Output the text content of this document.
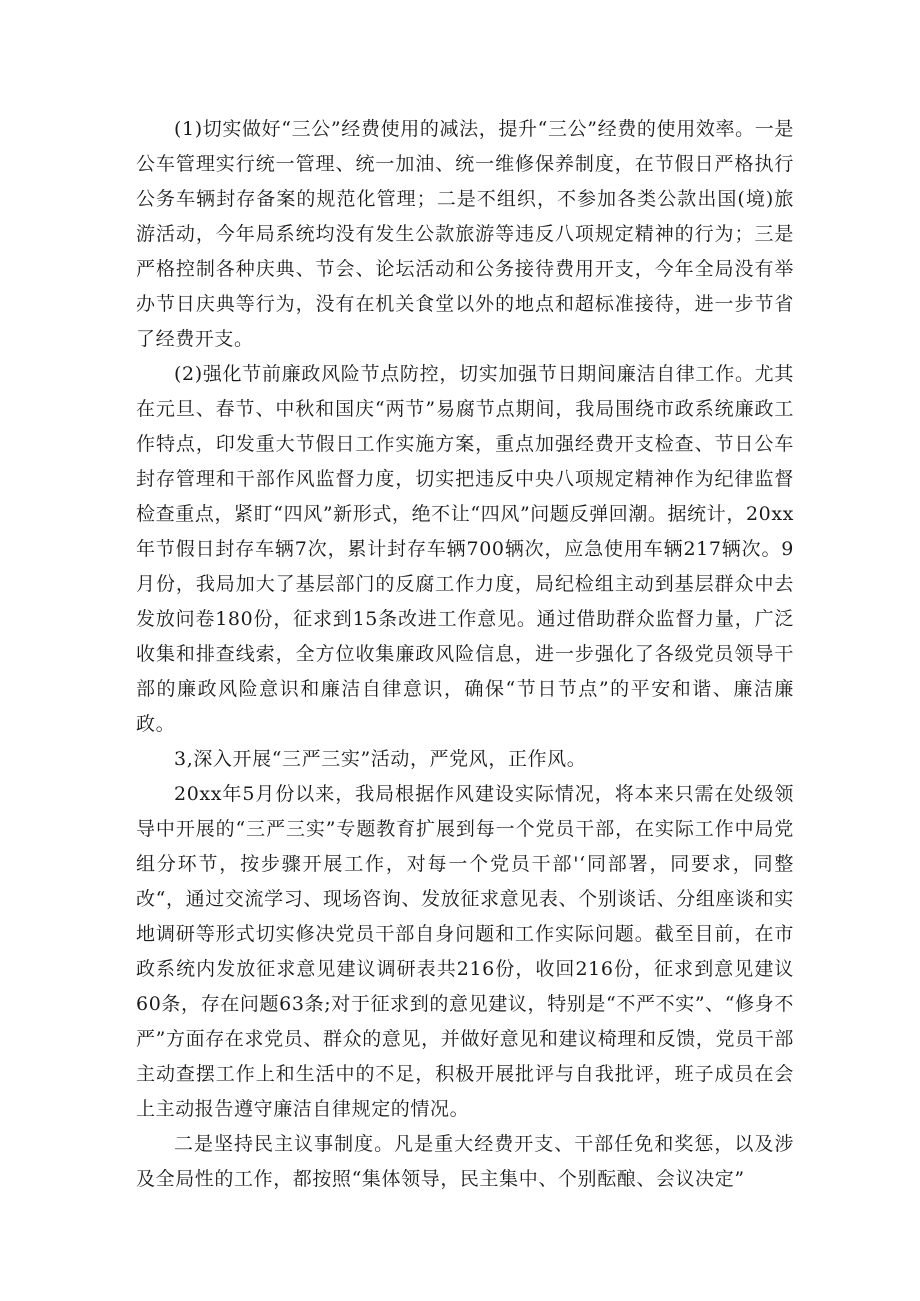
(1)切实做好“三公”经费使用的减法，提升“三公”经费的使用效率。一是公车管理实行统一管理、统一加油、统一维修保养制度，在节假日严格执行公务车辆封存备案的规范化管理；二是不组织，不参加各类公款出国(境)旅游活动，今年局系统均没有发生公款旅游等违反八项规定精神的行为；三是严格控制各种庆典、节会、论坛活动和公务接待费用开支，今年全局没有举办节日庆典等行为，没有在机关食堂以外的地点和超标准接待，进一步节省了经费开支。

(2)强化节前廉政风险节点防控，切实加强节日期间廉洁自律工作。尤其在元旦、春节、中秋和国庆“两节”易腐节点期间，我局围绕市政系统廉政工作特点，印发重大节假日工作实施方案，重点加强经费开支检查、节日公车封存管理和干部作风监督力度，切实把违反中央八项规定精神作为纪律监督检查重点，紧盯“四风”新形式，绝不让“四风”问题反弹回潮。据统计，20xx年节假日封存车辆7次，累计封存车辆700辆次，应急使用车辆217辆次。9月份，我局加大了基层部门的反腐工作力度，局纪检组主动到基层群众中去发放问卷180份，征求到15条改进工作意见。通过借助群众监督力量，广泛收集和排查线索，全方位收集廉政风险信息，进一步强化了各级党员领导干部的廉政风险意识和廉洁自律意识，确保“节日节点”的平安和谐、廉洁廉政。

3,深入开展“三严三实”活动，严党风，正作风。

20xx年5月份以来，我局根据作风建设实际情况，将本来只需在处级领导中开展的“三严三实”专题教育扩展到每一个党员干部，在实际工作中局党组分环节，按步骤开展工作，对每一个党员干部'‘同部署，同要求，同整改“，通过交流学习、现场咨询、发放征求意见表、个别谈话、分组座谈和实地调研等形式切实修决党员干部自身问题和工作实际问题。截至目前，在市政系统内发放征求意见建议调研表共216份，收回216份，征求到意见建议60条，存在问题63条;对于征求到的意见建议，特别是“不严不实”、“修身不严”方面存在求党员、群众的意见，并做好意见和建议椅理和反馈，党员干部主动查摆工作上和生活中的不足，积极开展批评与自我批评，班子成员在会上主动报告遵守廉洁自律规定的情况。

二是坚持民主议事制度。凡是重大经费开支、干部任免和奖惩，以及涉及全局性的工作，都按照“集体领导，民主集中、个别酝酿、会议决定”
